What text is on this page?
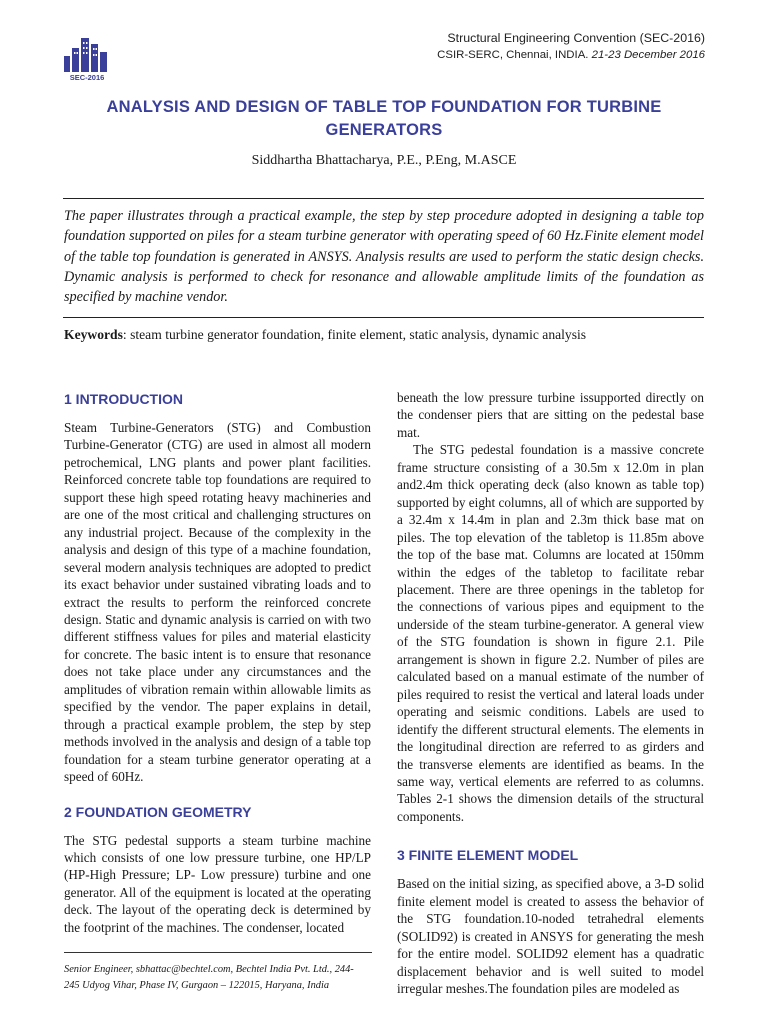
SEC-2016
Structural Engineering Convention (SEC-2016)
CSIR-SERC, Chennai, INDIA. 21-23 December 2016
ANALYSIS AND DESIGN OF TABLE TOP FOUNDATION FOR TURBINE
GENERATORS
Siddhartha Bhattacharya, P.E., P.Eng, M.ASCE
The paper illustrates through a practical example, the step by step procedure adopted in designing a table top foundation supported on piles for a steam turbine generator with operating speed of 60 Hz.Finite element model of the table top foundation is generated in ANSYS. Analysis results are used to perform the static design checks. Dynamic analysis is performed to check for resonance and allowable amplitude limits of the foundation as specified by machine vendor.
Keywords: steam turbine generator foundation, finite element, static analysis, dynamic analysis
1 INTRODUCTION

Steam Turbine-Generators (STG) and Combustion Turbine-Generator (CTG) are used in almost all modern petrochemical, LNG plants and power plant facilities. Reinforced concrete table top foundations are required to support these high speed rotating heavy machineries and are one of the most critical and challenging structures on any industrial project. Because of the complexity in the analysis and design of this type of a machine foundation, several modern analysis techniques are adopted to predict its exact behavior under sustained vibrating loads and to extract the results to perform the reinforced concrete design. Static and dynamic analysis is carried on with two different stiffness values for piles and material elasticity for concrete. The basic intent is to ensure that resonance does not take place under any circumstances and the amplitudes of vibration remain within allowable limits as specified by the vendor. The paper explains in detail, through a practical example problem, the step by step methods involved in the analysis and design of a table top foundation for a steam turbine generator operating at a speed of 60Hz.

2 FOUNDATION GEOMETRY

The STG pedestal supports a steam turbine machine which consists of one low pressure turbine, one HP/LP (HP-High Pressure; LP- Low pressure) turbine and one generator. All of the equipment is located at the operating deck. The layout of the operating deck is determined by the footprint of the machines. The condenser, located

beneath the low pressure turbine issupported directly on the condenser piers that are sitting on the pedestal base mat.

The STG pedestal foundation is a massive concrete frame structure consisting of a 30.5m x 12.0m in plan and2.4m thick operating deck (also known as table top) supported by eight columns, all of which are supported by a 32.4m x 14.4m in plan and 2.3m thick base mat on piles. The top elevation of the tabletop is 11.85m above the top of the base mat. Columns are located at 150mm within the edges of the tabletop to facilitate rebar placement. There are three openings in the tabletop for the connections of various pipes and equipment to the underside of the steam turbine-generator. A general view of the STG foundation is shown in figure 2.1. Pile arrangement is shown in figure 2.2. Number of piles are calculated based on a manual estimate of the number of piles required to resist the vertical and lateral loads under operating and seismic conditions. Labels are used to identify the different structural elements. The elements in the longitudinal direction are referred to as girders and the transverse elements are identified as beams. In the same way, vertical elements are referred to as columns. Tables 2-1 shows the dimension details of the structural components.

3 FINITE ELEMENT MODEL

Based on the initial sizing, as specified above, a 3-D solid finite element model is created to assess the behavior of the STG foundation.10-noded tetrahedral elements (SOLID92) is created in ANSYS for generating the mesh for the entire model. SOLID92 element has a quadratic displacement behavior and is well suited to model irregular meshes.The foundation piles are modeled as

Senior Engineer, sbhattac@bechtel.com, Bechtel India Pvt. Ltd., 244-
245 Udyog Vihar, Phase IV, Gurgaon – 122015, Haryana, India
